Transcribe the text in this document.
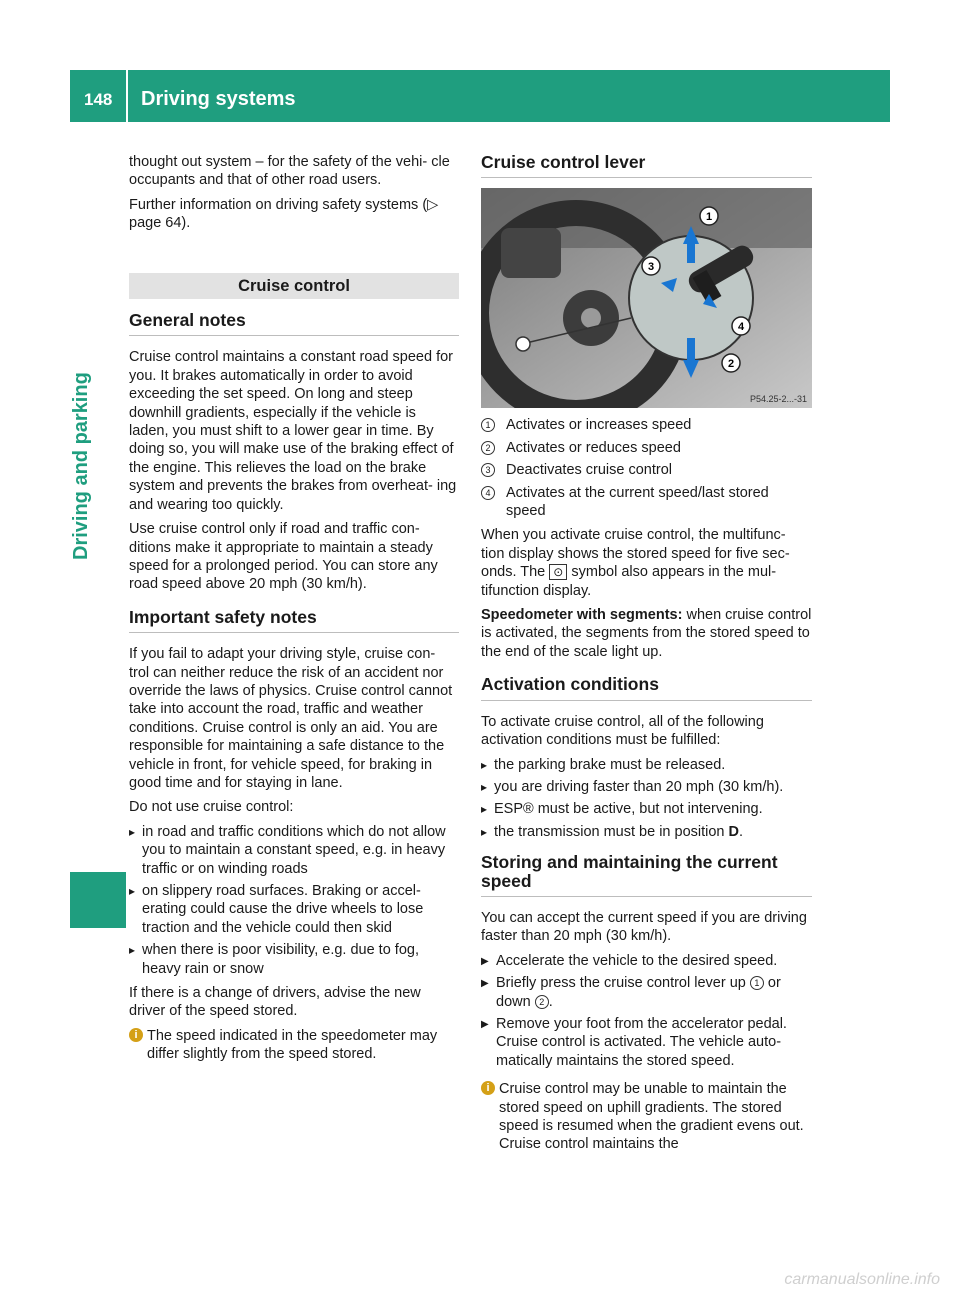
148 Driving systems
Driving and parking

thought out system – for the safety of the vehi- cle occupants and that of other road users.

Further information on driving safety systems (▷ page 64).

Cruise control
General notes

Cruise control maintains a constant road speed for you. It brakes automatically in order to avoid exceeding the set speed. On long and steep downhill gradients, especially if the vehicle is laden, you must shift to a lower gear in time. By doing so, you will make use of the braking effect of the engine. This relieves the load on the brake system and prevents the brakes from overheat- ing and wearing too quickly.

Use cruise control only if road and traffic con- ditions make it appropriate to maintain a steady speed for a prolonged period. You can store any road speed above 20 mph (30 km/h).

Important safety notes

If you fail to adapt your driving style, cruise con- trol can neither reduce the risk of an accident nor override the laws of physics. Cruise control cannot take into account the road, traffic and weather conditions. Cruise control is only an aid. You are responsible for maintaining a safe distance to the vehicle in front, for vehicle speed, for braking in good time and for staying in lane.

Do not use cruise control:

▸ in road and traffic conditions which do not allow you to maintain a constant speed, e.g. in heavy traffic or on winding roads
▸ on slippery road surfaces. Braking or accel- erating could cause the drive wheels to lose traction and the vehicle could then skid
▸ when there is poor visibility, e.g. due to fog, heavy rain or snow

If there is a change of drivers, advise the new driver of the speed stored.

i The speed indicated in the speedometer may differ slightly from the speed stored.
Cruise control lever
1
2
3
4
P54.25-2...-31
1	Activates or increases speed
2	Activates or reduces speed
3	Deactivates cruise control
4	Activates at the current speed/last stored speed

When you activate cruise control, the multifunc- tion display shows the stored speed for five sec- onds. The ⊙ symbol also appears in the mul- tifunction display.

Speedometer with segments: when cruise control is activated, the segments from the stored speed to the end of the scale light up.

Activation conditions

To activate cruise control, all of the following activation conditions must be fulfilled:

▸ the parking brake must be released.
▸ you are driving faster than 20 mph (30 km/h).
▸ ESP® must be active, but not intervening.
▸ the transmission must be in position D.
Storing and maintaining the current speed

You can accept the current speed if you are driving faster than 20 mph (30 km/h).

▶ Accelerate the vehicle to the desired speed.
▶ Briefly press the cruise control lever up 1 or down 2 .
▶ Remove your foot from the accelerator pedal. Cruise control is activated. The vehicle auto- matically maintains the stored speed.
i Cruise control may be unable to maintain the stored speed on uphill gradients. The stored speed is resumed when the gradient evens out. Cruise control maintains the
carmanualsonline.info
